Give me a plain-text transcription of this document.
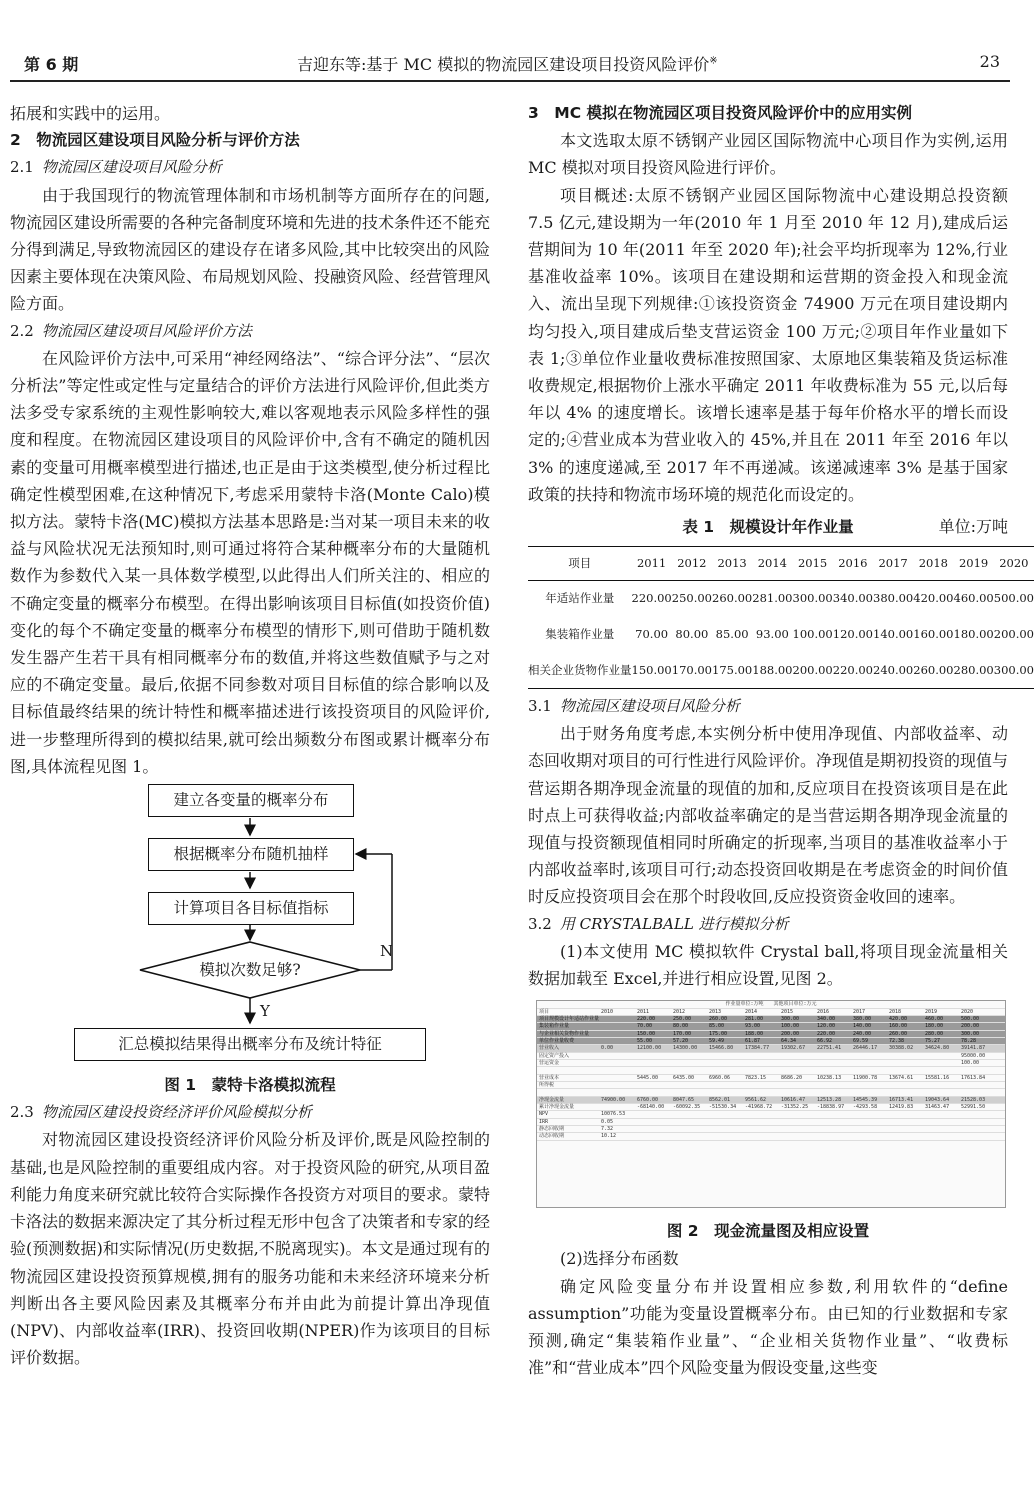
第 6 期	吉迎东等:基于 MC 模拟的物流园区建设项目投资风险评价※	23

拓展和实践中的运用。

2　物流园区建设项目风险分析与评价方法
2.1 物流园区建设项目风险分析

由于我国现行的物流管理体制和市场机制等方面所存在的问题,物流园区建设所需要的各种完备制度环境和先进的技术条件还不能充分得到满足,导致物流园区的建设存在诸多风险,其中比较突出的风险因素主要体现在决策风险、布局规划风险、投融资风险、经营管理风险方面。

2.2 物流园区建设项目风险评价方法

在风险评价方法中,可采用“神经网络法”、“综合评分法”、“层次分析法”等定性或定性与定量结合的评价方法进行风险评价,但此类方法多受专家系统的主观性影响较大,难以客观地表示风险多样性的强度和程度。在物流园区建设项目的风险评价中,含有不确定的随机因素的变量可用概率模型进行描述,也正是由于这类模型,使分析过程比确定性模型困难,在这种情况下,考虑采用蒙特卡洛(Monte Calo)模拟方法。蒙特卡洛(MC)模拟方法基本思路是:当对某一项目未来的收益与风险状况无法预知时,则可通过将符合某种概率分布的大量随机数作为参数代入某一具体数学模型,以此得出人们所关注的、相应的不确定变量的概率分布模型。在得出影响该项目目标值(如投资价值)变化的每个不确定变量的概率分布模型的情形下,则可借助于随机数发生器产生若干具有相同概率分布的数值,并将这些数值赋予与之对应的不确定变量。最后,依据不同参数对项目目标值的综合影响以及目标值最终结果的统计特性和概率描述进行该投资项目的风险评价,进一步整理所得到的模拟结果,就可绘出频数分布图或累计概率分布图,具体流程见图 1。

建立各变量的概率分布
根据概率分布随机抽样
计算项目各目标值指标
模拟次数足够?
N
Y
汇总模拟结果得出概率分布及统计特征
图 1　蒙特卡洛模拟流程
2.3 物流园区建设投资经济评价风险模拟分析

对物流园区建设投资经济评价风险分析及评价,既是风险控制的基础,也是风险控制的重要组成内容。对于投资风险的研究,从项目盈利能力角度来研究就比较符合实际操作各投资方对项目的要求。蒙特卡洛法的数据来源决定了其分析过程无形中包含了决策者和专家的经验(预测数据)和实际情况(历史数据,不脱离现实)。本文是通过现有的物流园区建设投资预算规模,拥有的服务功能和未来经济环境来分析判断出各主要风险因素及其概率分布并由此为前提计算出净现值(NPV)、内部收益率(IRR)、投资回收期(NPER)作为该项目的目标评价数据。

3　MC 模拟在物流园区项目投资风险评价中的应用实例

本文选取太原不锈钢产业园区国际物流中心项目作为实例,运用 MC 模拟对项目投资风险进行评价。

项目概述:太原不锈钢产业园区国际物流中心建设期总投资额 7.5 亿元,建设期为一年(2010 年 1 月至 2010 年 12 月),建成后运营期间为 10 年(2011 年至 2020 年);社会平均折现率为 12%,行业基准收益率 10%。该项目在建设期和运营期的资金投入和现金流入、流出呈现下列规律:①该投资资金 74900 万元在项目建设期内均匀投入,项目建成后垫支营运资金 100 万元;②项目年作业量如下表 1;③单位作业量收费标准按照国家、太原地区集装箱及货运标准收费规定,根据物价上涨水平确定 2011 年收费标准为 55 元,以后每年以 4% 的速度增长。该增长速率是基于每年价格水平的增长而设定的;④营业成本为营业收入的 45%,并且在 2011 年至 2016 年以 3% 的速度递减,至 2017 年不再递减。该递减速率 3% 是基于国家政策的扶持和物流市场环境的规范化而设定的。

表 1　规模设计年作业量	单位:万吨
项目	2011	2012	2013	2014	2015	2016	2017	2018	2019	2020
年适站作业量	220.00	250.00	260.00	281.00	300.00	340.00	380.00	420.00	460.00	500.00
集装箱作业量	70.00	80.00	85.00	93.00	100.00	120.00	140.00	160.00	180.00	200.00
相关企业货物作业量	150.00	170.00	175.00	188.00	200.00	220.00	240.00	260.00	280.00	300.00
3.1 物流园区建设项目风险分析

出于财务角度考虑,本实例分析中使用净现值、内部收益率、动态回收期对项目的可行性进行风险评价。净现值是期初投资的现值与营运期各期净现金流量的现值的加和,反应项目在投资该项目是在此时点上可获得收益;内部收益率确定的是当营运期各期净现金流量的现值与投资额现值相同时所确定的折现率,当项目的基准收益率小于内部收益率时,该项目可行;动态投资回收期是在考虑资金的时间价值时反应投资项目会在那个时段收回,反应投资资金收回的速率。

3.2 用 CRYSTALBALL 进行模拟分析

(1)本文使用 MC 模拟软件 Crystal ball,将项目现金流量相关数据加载至 Excel,并进行相应设置,见图 2。

作业量单位:万吨　　其他项目单位:万元
项目	2010	2011	2012	2013	2014	2015	2016	2017	2018	2019	2020
项目规模设计年适站作业量	220.00	250.00	260.00	281.00	300.00	340.00	380.00	420.00	460.00	500.00
集装箱作业量	70.00	80.00	85.00	93.00	100.00	120.00	140.00	160.00	180.00	200.00
与企业相关货物作业量	150.00	170.00	175.00	188.00	200.00	220.00	240.00	260.00	280.00	300.00
单位作业量收费	55.00	57.20	59.49	61.87	64.34	66.92	69.59	72.38	75.27	78.28
营业收入	0.00	12100.00 14300.00 15466.80 17384.77 19302.67 22751.41 26446.17 30388.02 34624.80 39141.87
固定资产投入	95000.00
营运资金	100.00
营业成本	5445.00	6435.00	6960.06	7823.15	8686.20	10238.13 11900.78 13674.61 15581.16 17613.84
所得税
净现金流量	74900.00 6760.00	8047.65	8562.01	9561.62	10616.47 12513.28 14545.39 16713.41 19043.64 21528.03
累计净现金流量	-68140.00 -60092.35 -51530.34 -41968.72 -31352.25 -18838.97 -4293.58 12419.83 31463.47 52991.50
NPV	10076.53
IRR	0.05
静态回收期	7.32
动态回收期	10.12
图 2　现金流量图及相应设置

(2)选择分布函数

确定风险变量分布并设置相应参数,利用软件的“define assumption”功能为变量设置概率分布。由已知的行业数据和专家预测,确定“集装箱作业量”、“企业相关货物作业量”、“收费标准”和“营业成本”四个风险变量为假设变量,这些变
